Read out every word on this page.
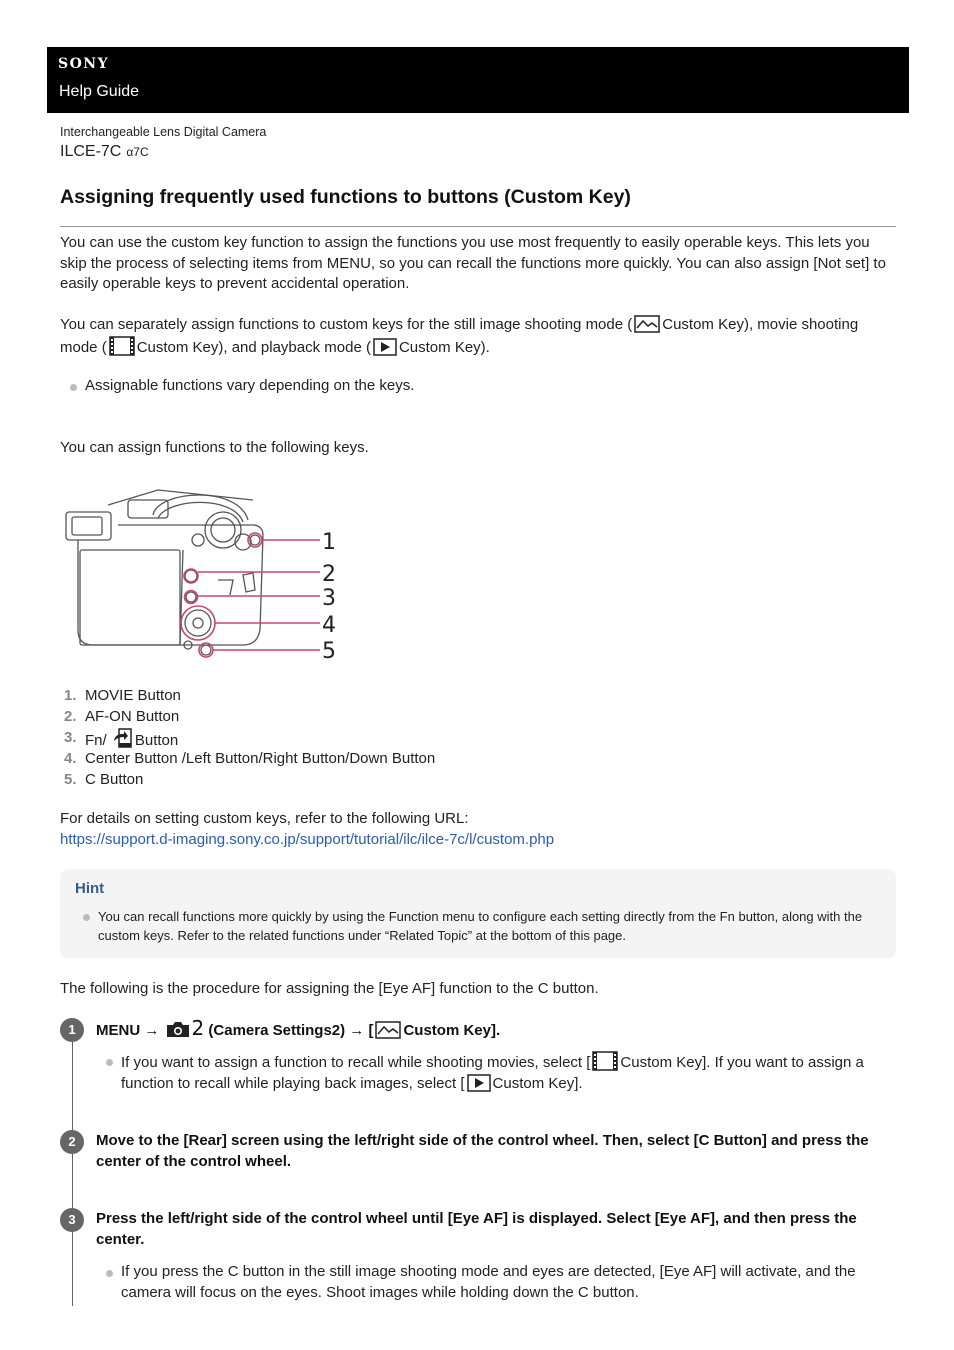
SONY
Help Guide
Interchangeable Lens Digital Camera
ILCE-7C α7C
Assigning frequently used functions to buttons (Custom Key)
You can use the custom key function to assign the functions you use most frequently to easily operable keys. This lets you skip the process of selecting items from MENU, so you can recall the functions more quickly. You can also assign [Not set] to easily operable keys to prevent accidental operation.
You can separately assign functions to custom keys for the still image shooting mode ( Custom Key), movie shooting mode ( Custom Key), and playback mode ( Custom Key).
Assignable functions vary depending on the keys.
You can assign functions to the following keys.
1
2
3
4
5
1. MOVIE Button
2. AF-ON Button
3. Fn/ Button
4. Center Button /Left Button/Right Button/Down Button
5. C Button
For details on setting custom keys, refer to the following URL:
https://support.d-imaging.sony.co.jp/support/tutorial/ilc/ilce-7c/l/custom.php
Hint
You can recall functions more quickly by using the Function menu to configure each setting directly from the Fn button, along with the custom keys. Refer to the related functions under “Related Topic” at the bottom of this page.
The following is the procedure for assigning the [Eye AF] function to the C button.
1	MENU → 2 (Camera Settings2) → [ Custom Key].
If you want to assign a function to recall while shooting movies, select [ Custom Key]. If you want to assign a function to recall while playing back images, select [ Custom Key].
2	Move to the [Rear] screen using the left/right side of the control wheel. Then, select [C Button] and press the center of the control wheel.
3	Press the left/right side of the control wheel until [Eye AF] is displayed. Select [Eye AF], and then press the center.
If you press the C button in the still image shooting mode and eyes are detected, [Eye AF] will activate, and the camera will focus on the eyes. Shoot images while holding down the C button.
